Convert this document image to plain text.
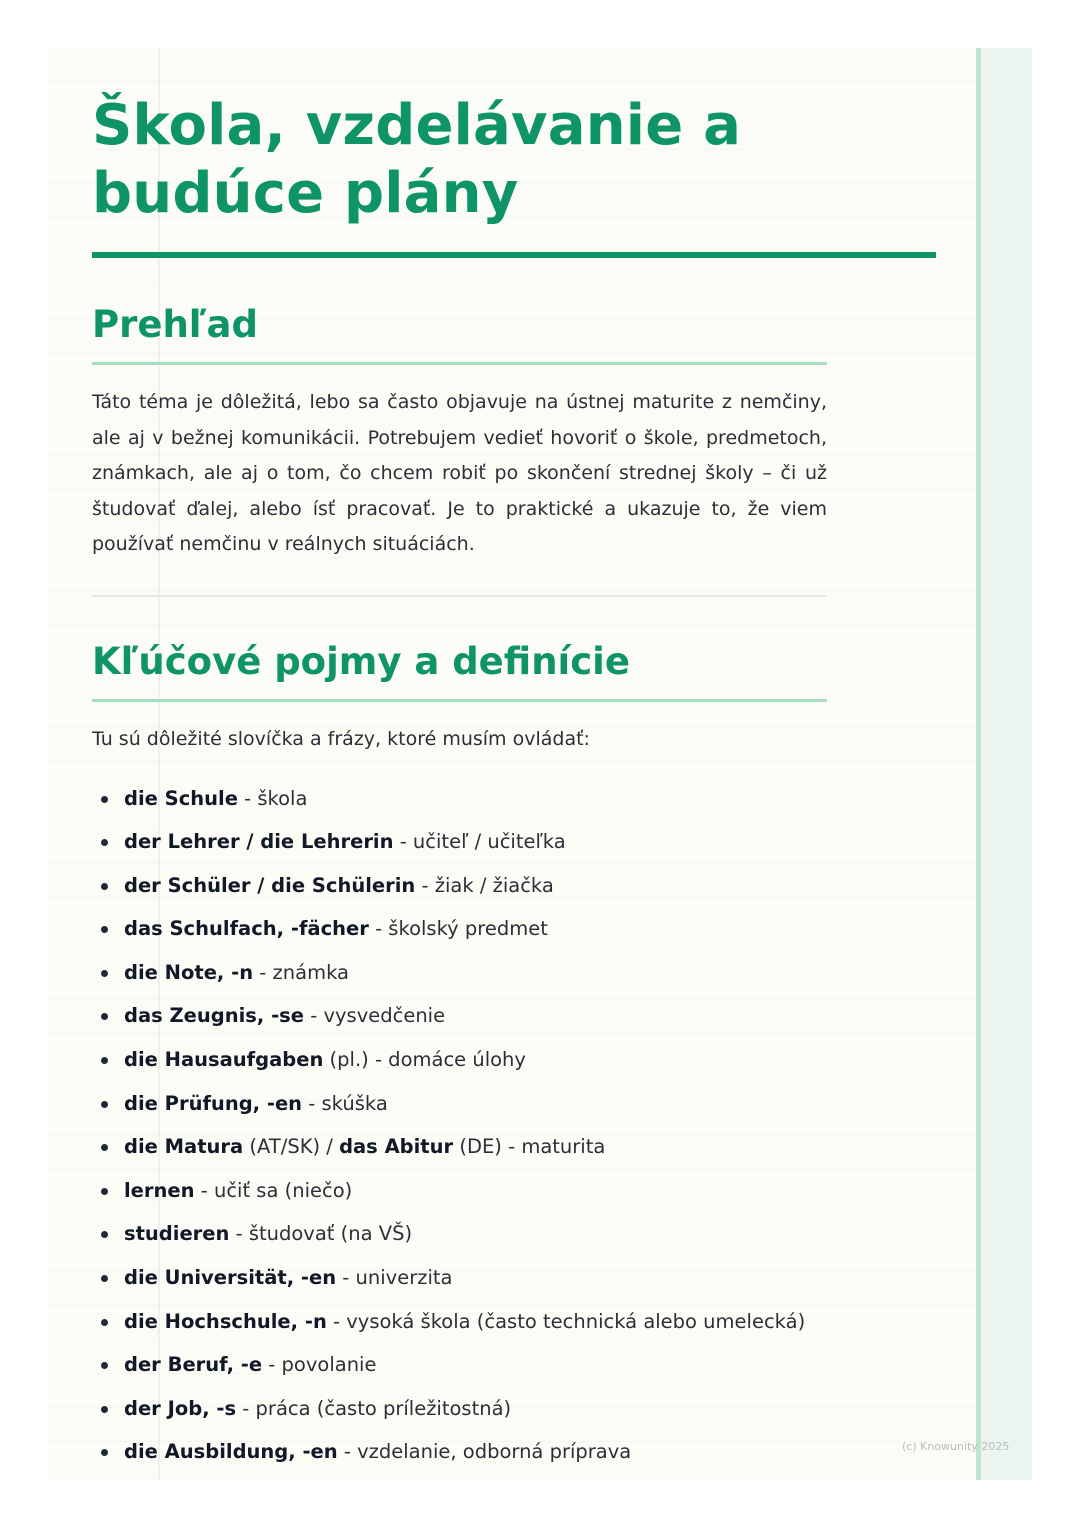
Škola, vzdelávanie a budúce plány
Prehľad

Táto téma je dôležitá, lebo sa často objavuje na ústnej maturite z nemčiny, ale aj v bežnej komunikácii. Potrebujem vedieť hovoriť o škole, predmetoch, známkach, ale aj o tom, čo chcem robiť po skončení strednej školy – či už študovať ďalej, alebo ísť pracovať. Je to praktické a ukazuje to, že viem používať nemčinu v reálnych situáciách.

Kľúčové pojmy a definície

Tu sú dôležité slovíčka a frázy, ktoré musím ovládať:

die Schule - škola
der Lehrer / die Lehrerin - učiteľ / učiteľka
der Schüler / die Schülerin - žiak / žiačka
das Schulfach, -fächer - školský predmet
die Note, -n - známka
das Zeugnis, -se - vysvedčenie
die Hausaufgaben (pl.) - domáce úlohy
die Prüfung, -en - skúška
die Matura (AT/SK) / das Abitur (DE) - maturita
lernen - učiť sa (niečo)
studieren - študovať (na VŠ)
die Universität, -en - univerzita
die Hochschule, -n - vysoká škola (často technická alebo umelecká)
der Beruf, -e - povolanie
der Job, -s - práca (často príležitostná)
die Ausbildung, -en - vzdelanie, odborná príprava	(c) Knowunity 2025
